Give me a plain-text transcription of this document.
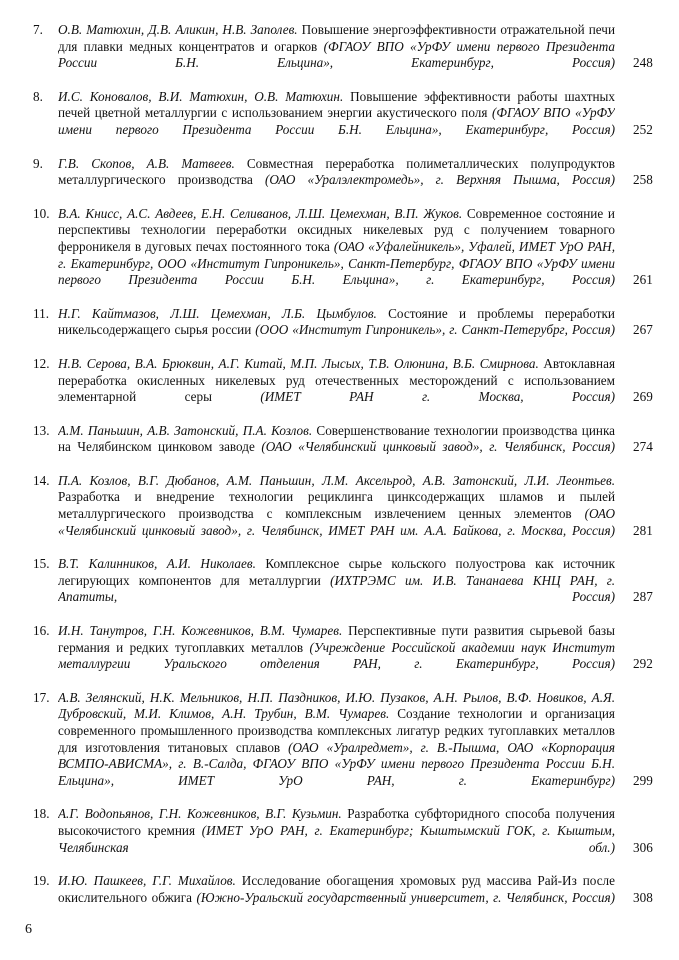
7. О.В. Матюхин, Д.В. Аликин, Н.В. Заполев. Повышение энергоэффективности отражательной печи для плавки медных концентратов и огарков (ФГАОУ ВПО «УрФУ имени первого Президента России Б.Н. Ельцина», Екатеринбург, Россия) ..... 248
8. И.С. Коновалов, В.И. Матюхин, О.В. Матюхин. Повышение эффективности работы шахтных печей цветной металлургии с использованием энергии акустического поля (ФГАОУ ВПО «УрФУ имени первого Президента России Б.Н. Ельцина», Екатеринбург, Россия) ..... 252
9. Г.В. Скопов, А.В. Матвеев. Совместная переработка полиметаллических полупродуктов металлургического производства (ОАО «Уралэлектромедь», г. Верхняя Пышма, Россия) ..... 258
10. В.А. Книсс, А.С. Авдеев, Е.Н. Селиванов, Л.Ш. Цемехман, В.П. Жуков. Современное состояние и перспективы технологии переработки оксидных никелевых руд с получением товарного ферроникеля в дуговых печах постоянного тока (ОАО «Уфалейникель», Уфалей, ИМЕТ УрО РАН, г. Екатеринбург, ООО «Институт Гипроникель», Санкт-Петербург, ФГАОУ ВПО «УрФУ имени первого Президента России Б.Н. Ельцина», г. Екатеринбург, Россия) ..... 261
11. Н.Г. Кайтмазов, Л.Ш. Цемехман, Л.Б. Цымбулов. Состояние и проблемы переработки никельсодержащего сырья россии (ООО «Институт Гипроникель», г. Санкт-Петерубрг, Россия) ..... 267
12. Н.В. Серова, В.А. Брюквин, А.Г. Китай, М.П. Лысых, Т.В. Олюнина, В.Б. Смирнова. Автоклавная переработка окисленных никелевых руд отечественных месторождений с использованием элементарной серы	(ИМЕТ РАН г. Москва, Россия) ..... 269
13. А.М. Паньшин, А.В. Затонский, П.А. Козлов. Совершенствование технологии производства цинка на Челябинском цинковом заводе (ОАО «Челябинский цинковый завод», г. Челябинск, Россия) ..... 274
14. П.А. Козлов, В.Г. Дюбанов, А.М. Паньшин, Л.М. Аксельрод, А.В. Затонский, Л.И. Леонтьев. Разработка и внедрение технологии рециклинга цинксодержащих шламов и пылей металлургического производства с комплексным извлечением ценных элементов (ОАО «Челябинский цинковый завод», г. Челябинск, ИМЕТ РАН им. А.А. Байкова, г. Москва, Россия) ..... 281
15. В.Т. Калинников, А.И. Николаев. Комплексное сырье кольского полуострова как источник легирующих компонентов для металлургии (ИХТРЭМС им. И.В. Тананаева КНЦ РАН, г. Апатиты, Россия) ..... 287
16. И.Н. Танутров, Г.Н. Кожевников, В.М. Чумарев. Перспективные пути развития сырьевой базы германия и редких тугоплавких металлов (Учреждение Российской академии наук Институт металлургии Уральского отделения РАН, г. Екатеринбург, Россия) ..... 292
17. А.В. Зелянский, Н.К. Мельников, Н.П. Паздников, И.Ю. Пузаков, А.Н. Рылов, В.Ф. Новиков, А.Я. Дубровский, М.И. Климов, А.Н. Трубин, В.М. Чумарев. Создание технологии и организация современного промышленного производства комплексных лигатур редких тугоплавких металлов для изготовления титановых сплавов (ОАО «Уралредмет», г. В.-Пышма, ОАО «Корпорация ВСМПО-АВИСМА», г. В.-Салда, ФГАОУ ВПО «УрФУ имени первого Президента России Б.Н. Ельцина», ИМЕТ УрО РАН, г. Екатеринбург) ..... 299
18. А.Г. Водопьянов, Г.Н. Кожевников, В.Г. Кузьмин. Разработка субфторидного способа получения высокочистого кремния (ИМЕТ УрО РАН, г. Екатеринбург; Кыштымский ГОК, г. Кыштым, Челябинская обл.) ..... 306
19. И.Ю. Пашкеев, Г.Г. Михайлов. Исследование обогащения хромовых руд массива Рай-Из после окислительного обжига (Южно-Уральский государственный университет, г. Челябинск, Россия) ..... 308
6
